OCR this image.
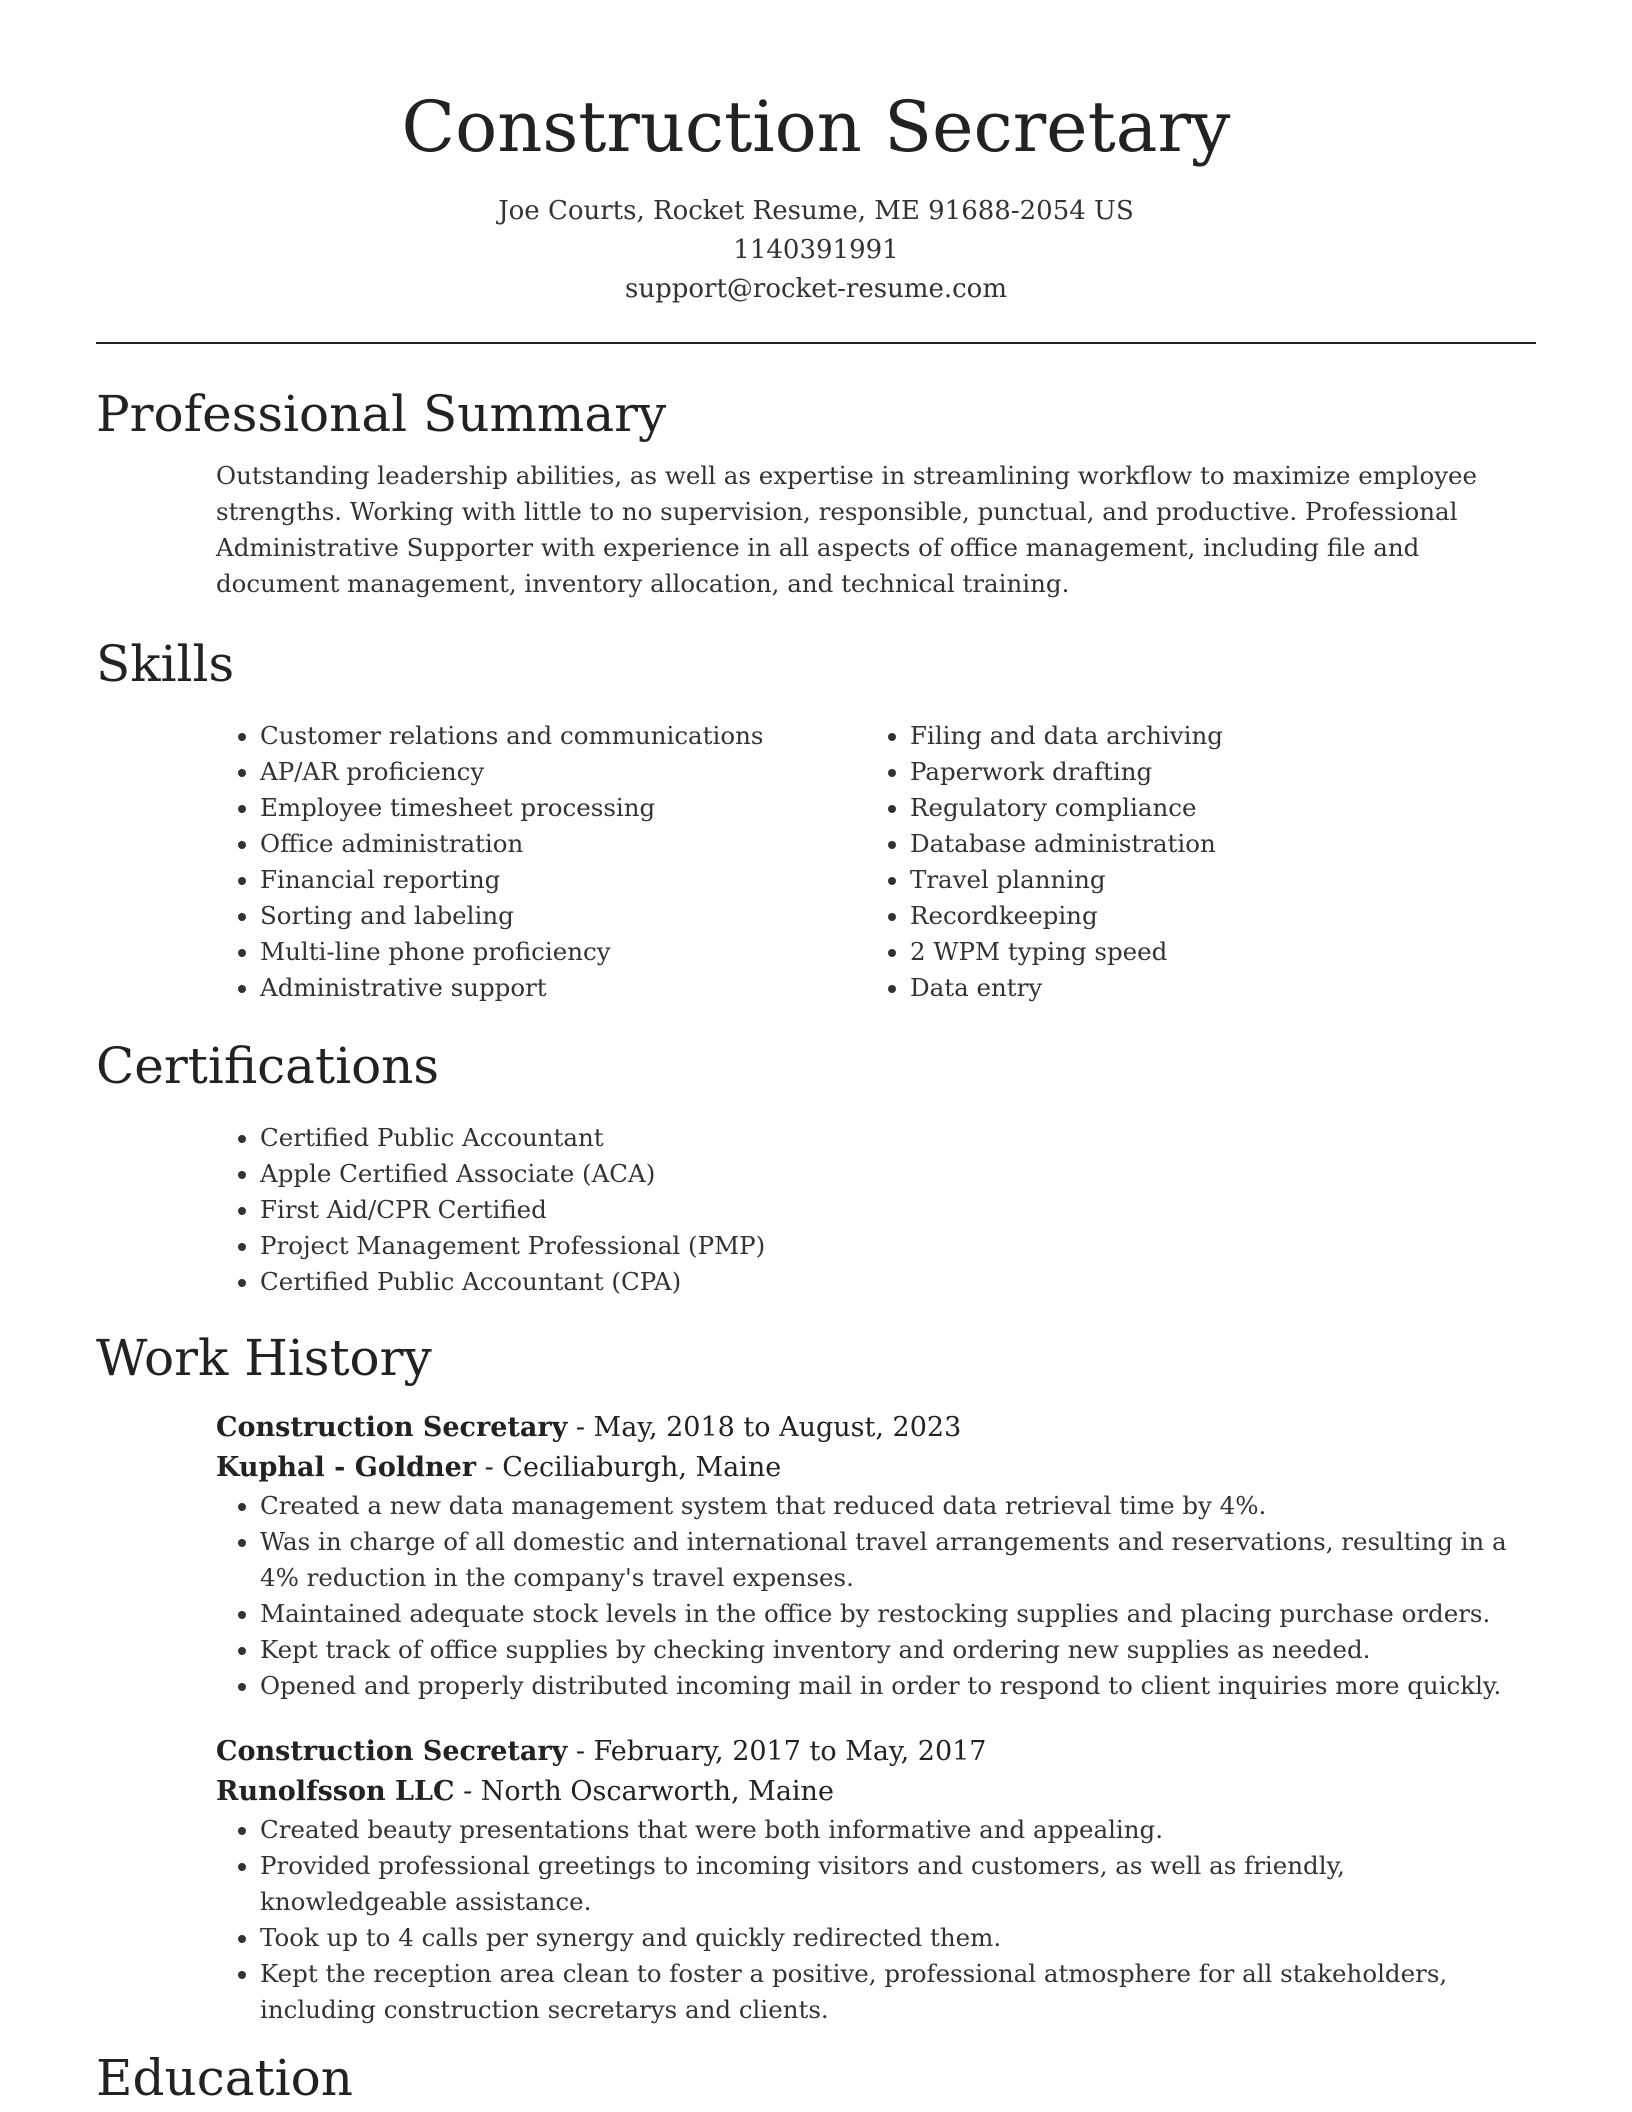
Construction Secretary
Joe Courts, Rocket Resume, ME 91688-2054 US
1140391991
support@rocket-resume.com
Professional Summary
Outstanding leadership abilities, as well as expertise in streamlining workflow to maximize employee strengths. Working with little to no supervision, responsible, punctual, and productive. Professional Administrative Supporter with experience in all aspects of office management, including file and document management, inventory allocation, and technical training.
Skills
• Customer relations and communications
• AP/AR proficiency
• Employee timesheet processing
• Office administration
• Financial reporting
• Sorting and labeling
• Multi-line phone proficiency
• Administrative support
• Filing and data archiving
• Paperwork drafting
• Regulatory compliance
• Database administration
• Travel planning
• Recordkeeping
• 2 WPM typing speed
• Data entry
Certifications
• Certified Public Accountant
• Apple Certified Associate (ACA)
• First Aid/CPR Certified
• Project Management Professional (PMP)
• Certified Public Accountant (CPA)
Work History
Construction Secretary - May, 2018 to August, 2023
Kuphal - Goldner - Ceciliaburgh, Maine
• Created a new data management system that reduced data retrieval time by 4%.
• Was in charge of all domestic and international travel arrangements and reservations, resulting in a 4% reduction in the company's travel expenses.
• Maintained adequate stock levels in the office by restocking supplies and placing purchase orders.
• Kept track of office supplies by checking inventory and ordering new supplies as needed.
• Opened and properly distributed incoming mail in order to respond to client inquiries more quickly.
Construction Secretary - February, 2017 to May, 2017
Runolfsson LLC - North Oscarworth, Maine
• Created beauty presentations that were both informative and appealing.
• Provided professional greetings to incoming visitors and customers, as well as friendly, knowledgeable assistance.
• Took up to 4 calls per synergy and quickly redirected them.
• Kept the reception area clean to foster a positive, professional atmosphere for all stakeholders, including construction secretarys and clients.
Education
